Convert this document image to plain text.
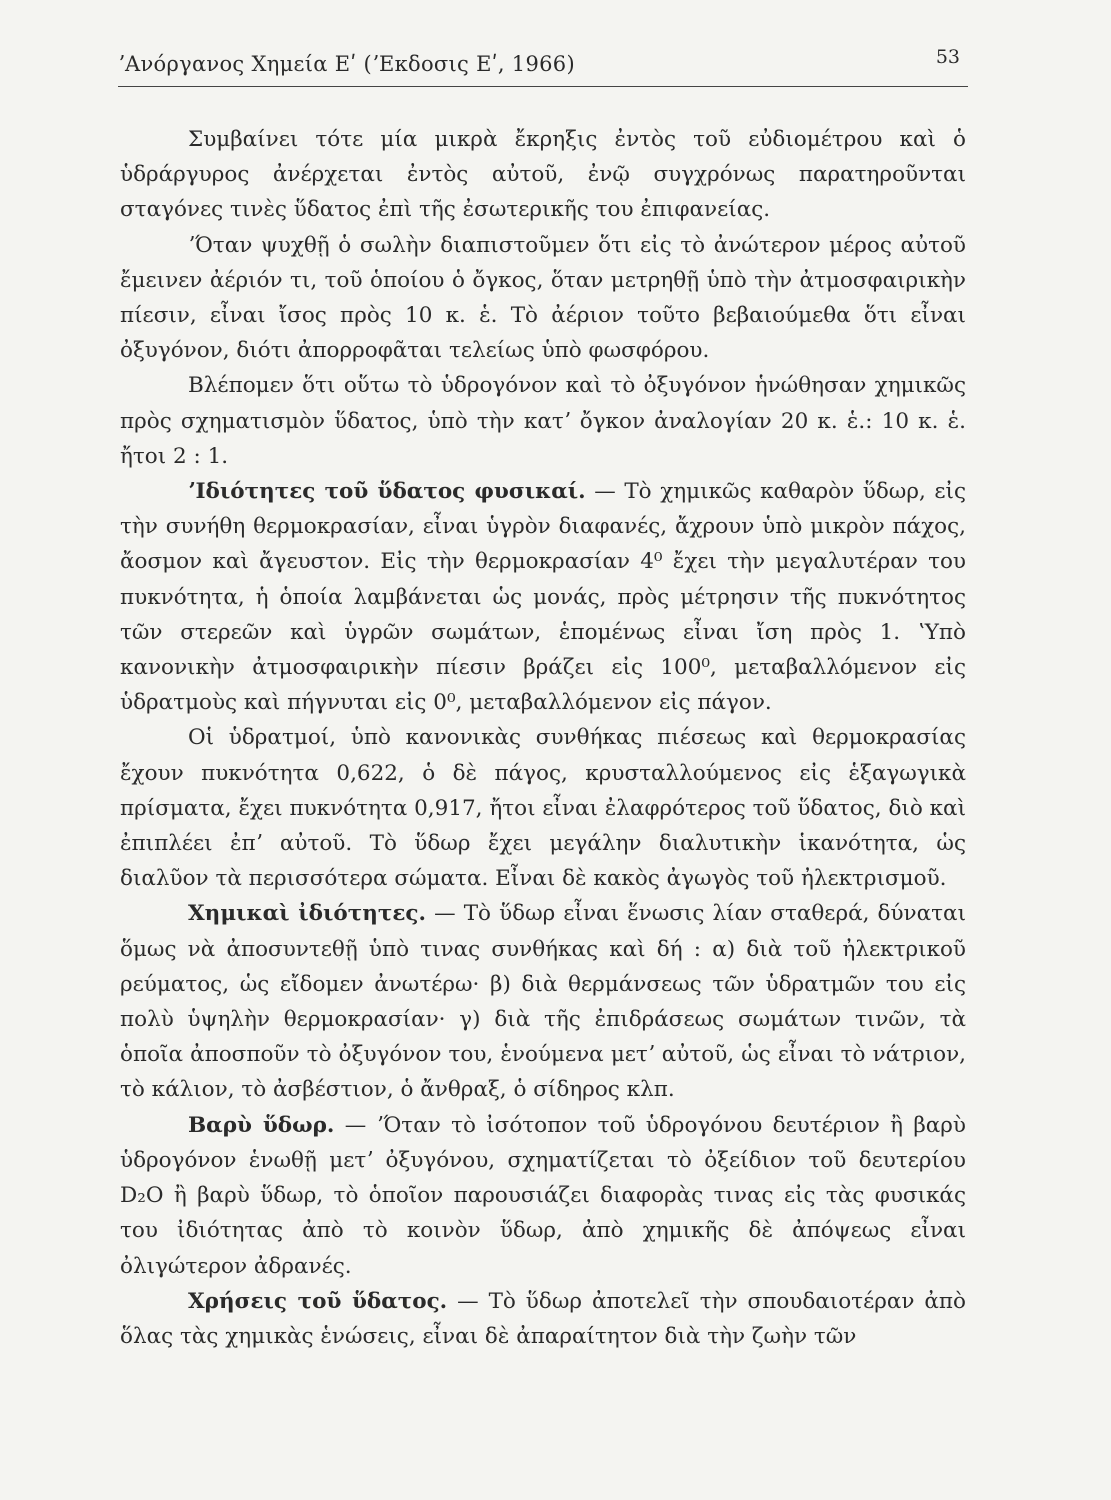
ʼΑνόργανος Χημεία Εʹ (ʼΕκδοσις Εʹ, 1966)	53

Συμβαίνει τότε μία μικρὰ ἔκρηξις ἐντὸς τοῦ εὐδιομέτρου καὶ ὁ ὑδράργυρος ἀνέρχεται ἐντὸς αὐτοῦ, ἐνῷ συγχρόνως παρατηροῦνται σταγόνες τινὲς ὕδατος ἐπὶ τῆς ἐσωτερικῆς του ἐπιφανείας.

ʼΌταν ψυχθῇ ὁ σωλὴν διαπιστοῦμεν ὅτι εἰς τὸ ἀνώτερον μέρος αὐτοῦ ἔμεινεν ἀέριόν τι, τοῦ ὁποίου ὁ ὄγκος, ὅταν μετρηθῇ ὑπὸ τὴν ἀτμοσφαιρικὴν πίεσιν, εἶναι ἴσος πρὸς 10 κ. ἑ. Τὸ ἀέριον τοῦτο βεβαιούμεθα ὅτι εἶναι ὀξυγόνον, διότι ἀπορροφᾶται τελείως ὑπὸ φωσφόρου.

Βλέπομεν ὅτι οὕτω τὸ ὑδρογόνον καὶ τὸ ὀξυγόνον ἡνώθησαν χημικῶς πρὸς σχηματισμὸν ὕδατος, ὑπὸ τὴν κατʼ ὄγκον ἀναλογίαν 20 κ. ἑ.: 10 κ. ἑ. ἤτοι 2 : 1.

ʼΙδιότητες τοῦ ὕδατος φυσικαί. — Τὸ χημικῶς καθαρὸν ὕδωρ, εἰς τὴν συνήθη θερμοκρασίαν, εἶναι ὑγρὸν διαφανές, ἄχρουν ὑπὸ μικρὸν πάχος, ἄοσμον καὶ ἄγευστον. Εἰς τὴν θερμοκρασίαν 4⁰ ἔχει τὴν μεγαλυτέραν του πυκνότητα, ἡ ὁποία λαμβάνεται ὡς μονάς, πρὸς μέτρησιν τῆς πυκνότητος τῶν στερεῶν καὶ ὑγρῶν σωμάτων, ἑπομένως εἶναι ἴση πρὸς 1. ʽΥπὸ κανονικὴν ἀτμοσφαιρικὴν πίεσιν βράζει εἰς 100⁰, μεταβαλλόμενον εἰς ὑδρατμοὺς καὶ πήγνυται εἰς 0⁰, μεταβαλλόμενον εἰς πάγον.

Οἱ ὑδρατμοί, ὑπὸ κανονικὰς συνθήκας πιέσεως καὶ θερμοκρασίας ἔχουν πυκνότητα 0,622, ὁ δὲ πάγος, κρυσταλλούμενος εἰς ἑξαγωγικὰ πρίσματα, ἔχει πυκνότητα 0,917, ἤτοι εἶναι ἐλαφρότερος τοῦ ὕδατος, διὸ καὶ ἐπιπλέει ἐπʼ αὐτοῦ. Τὸ ὕδωρ ἔχει μεγάλην διαλυτικὴν ἱκανότητα, ὡς διαλῦον τὰ περισσότερα σώματα. Εἶναι δὲ κακὸς ἀγωγὸς τοῦ ἠλεκτρισμοῦ.

Χημικαὶ ἰδιότητες. — Τὸ ὕδωρ εἶναι ἕνωσις λίαν σταθερά, δύναται ὅμως νὰ ἀποσυντεθῇ ὑπὸ τινας συνθήκας καὶ δή : α) διὰ τοῦ ἠλεκτρικοῦ ρεύματος, ὡς εἴδομεν ἀνωτέρω· β) διὰ θερμάνσεως τῶν ὑδρατμῶν του εἰς πολὺ ὑψηλὴν θερμοκρασίαν· γ) διὰ τῆς ἐπιδράσεως σωμάτων τινῶν, τὰ ὁποῖα ἀποσποῦν τὸ ὀξυγόνον του, ἑνούμενα μετʼ αὐτοῦ, ὡς εἶναι τὸ νάτριον, τὸ κάλιον, τὸ ἀσβέστιον, ὁ ἄνθραξ, ὁ σίδηρος κλπ.

Βαρὺ ὕδωρ. — ʼΌταν τὸ ἰσότοπον τοῦ ὑδρογόνου δευτέριον ἢ βαρὺ ὑδρογόνον ἑνωθῇ μετʼ ὀξυγόνου, σχηματίζεται τὸ ὀξείδιον τοῦ δευτερίου D₂O ἢ βαρὺ ὕδωρ, τὸ ὁποῖον παρουσιάζει διαφορὰς τινας εἰς τὰς φυσικάς του ἰδιότητας ἀπὸ τὸ κοινὸν ὕδωρ, ἀπὸ χημικῆς δὲ ἀπόψεως εἶναι ὀλιγώτερον ἀδρανές.

Χρήσεις τοῦ ὕδατος. — Τὸ ὕδωρ ἀποτελεῖ τὴν σπουδαιοτέραν ἀπὸ ὅλας τὰς χημικὰς ἑνώσεις, εἶναι δὲ ἀπαραίτητον διὰ τὴν ζωὴν τῶν
